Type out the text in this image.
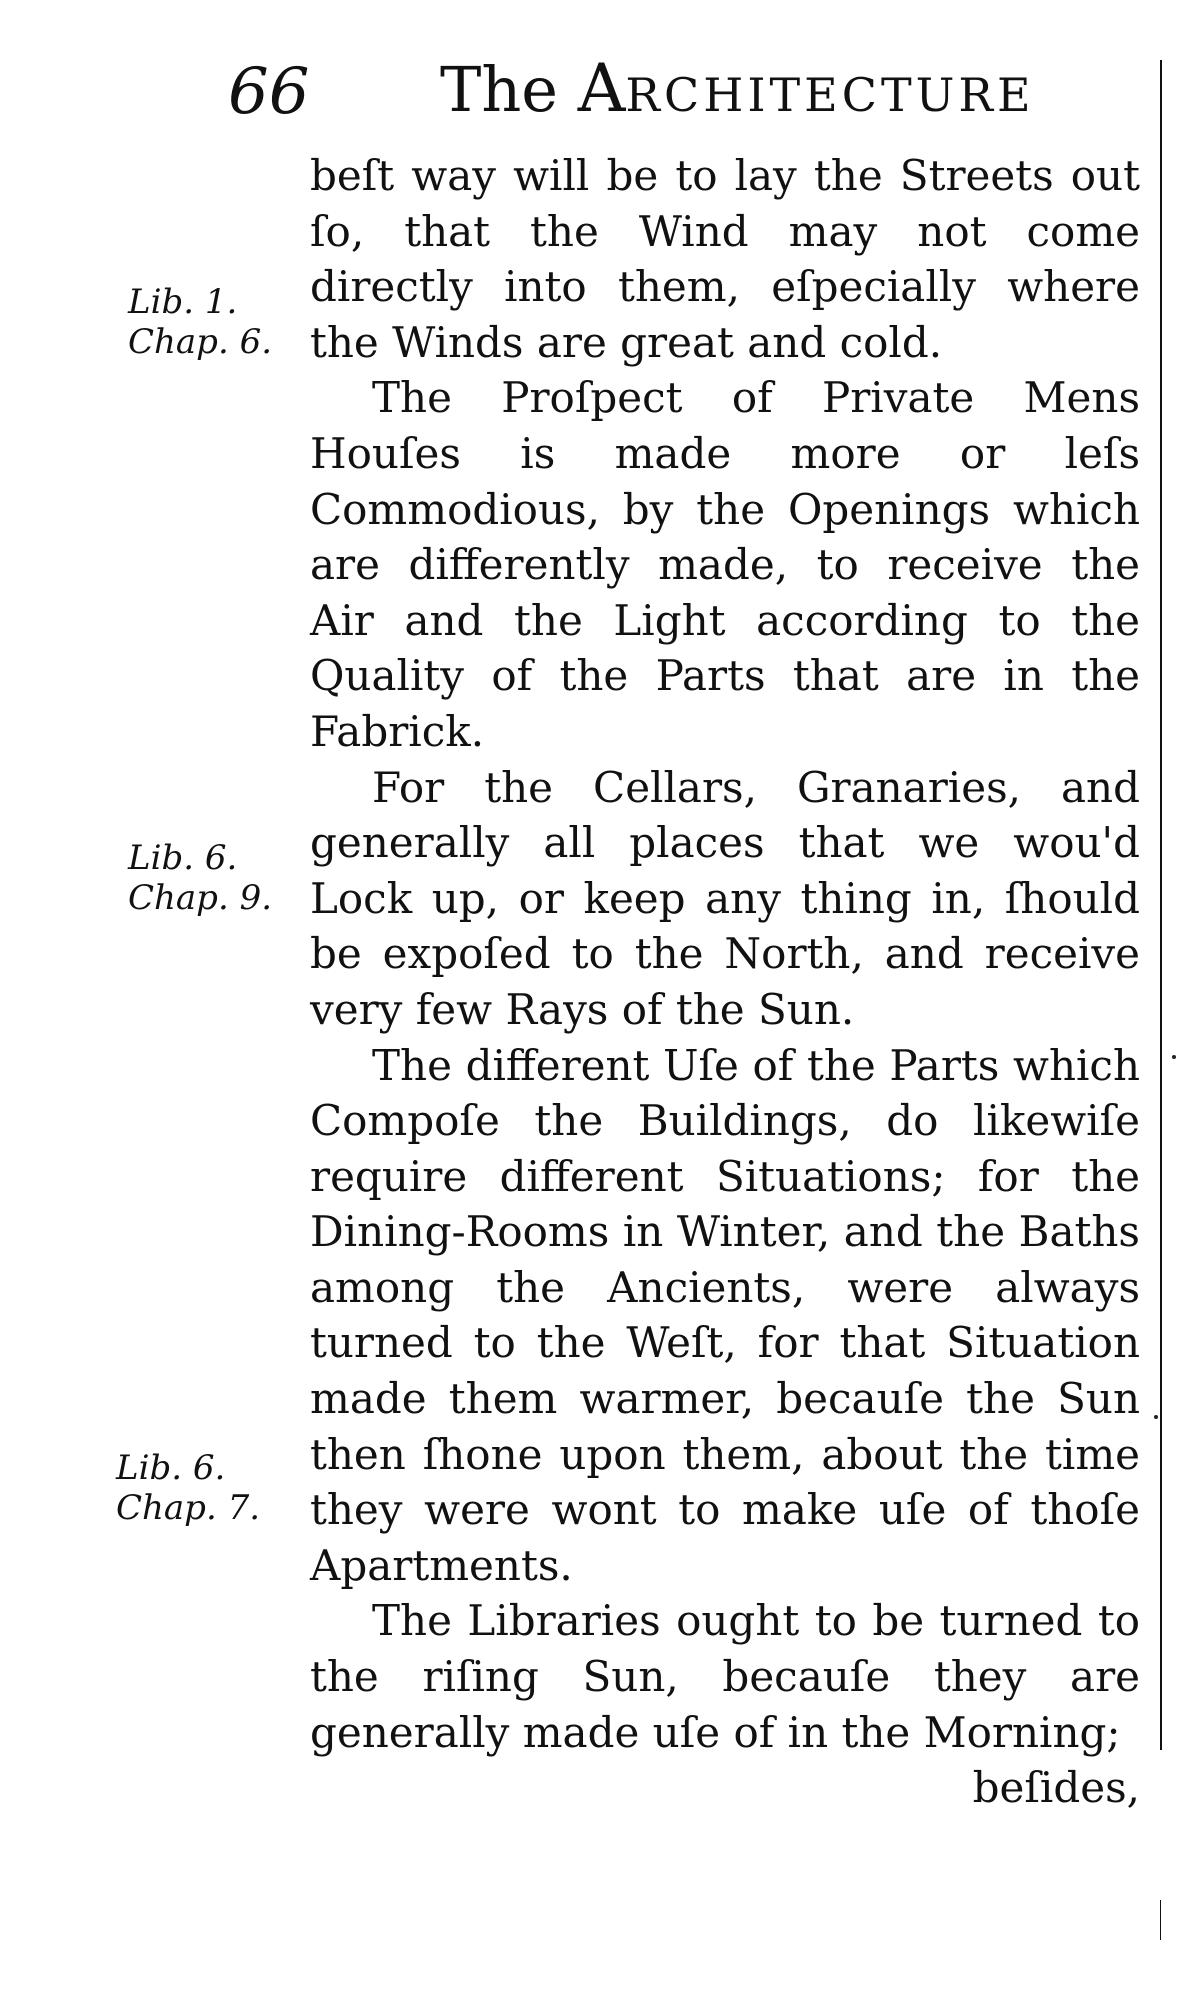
66 The ARCHITECTURE
Lib. 1.
Chap. 6.
Lib. 6.
Chap. 9.
Lib. 6.
Chap. 7.

beſt way will be to lay the Streets out ſo, that the Wind may not come directly into them, eſpecially where the Winds are great and cold.

The Proſpect of Private Mens Houſes is made more or leſs Commodious, by the Openings which are differently made, to receive the Air and the Light according to the Quality of the Parts that are in the Fabrick.

For the Cellars, Granaries, and generally all places that we wou'd Lock up, or keep any thing in, ſhould be expoſed to the North, and receive very few Rays of the Sun.

The different Uſe of the Parts which Compoſe the Buildings, do likewiſe require different Situations; for the Dining-Rooms in Winter, and the Baths among the Ancients, were always turned to the Weſt, for that Situation made them warmer, becauſe the Sun then ſhone upon them, about the time they were wont to make uſe of thoſe Apartments.

The Libraries ought to be turned to the riſing Sun, becauſe they are generally made uſe of in the Morning;

beſides,
